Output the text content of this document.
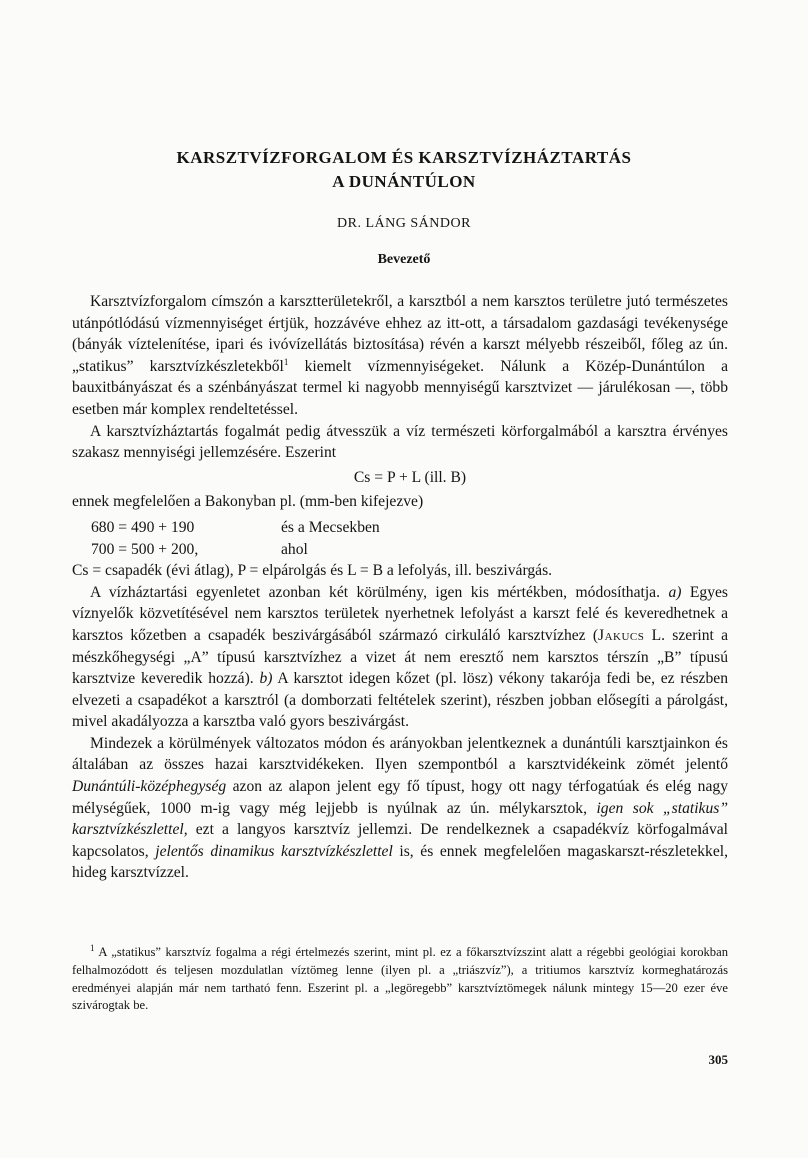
KARSZTVÍZFORGALOM ÉS KARSZTVÍZHÁZTARTÁS
A DUNÁNTÚLON
DR. LÁNG SÁNDOR
Bevezető

Karsztvízforgalom címszón a karsztterületekről, a karsztból a nem karsztos területre jutó természetes utánpótlódású vízmennyiséget értjük, hozzávéve ehhez az itt-ott, a társadalom gazdasági tevékenysége (bányák víztelenítése, ipari és ivóvízellátás biztosítása) révén a karszt mélyebb részeiből, főleg az ún. „statikus” karsztvízkészletekből$^1$ kiemelt vízmennyiségeket. Nálunk a Közép-Dunántúlon a bauxitbányászat és a szénbányászat termel ki nagyobb mennyiségű karsztvizet — járulékosan —, több esetben már komplex rendeltetéssel.

A karsztvízháztartás fogalmát pedig átvesszük a víz természeti körforgalmából a karsztra érvényes szakasz mennyiségi jellemzésére. Eszerint

Cs = P + L (ill. B)

ennek megfelelően a Bakonyban pl. (mm-ben kifejezve)

680 = 490 + 190	és a Mecsekben
700 = 500 + 200,	ahol

Cs = csapadék (évi átlag), P = elpárolgás és L = B a lefolyás, ill. beszivárgás.

A vízháztartási egyenletet azonban két körülmény, igen kis mértékben, módosíthatja. a) Egyes víznyelők közvetítésével nem karsztos területek nyerhetnek lefolyást a karszt felé és keveredhetnek a karsztos kőzetben a csapadék beszivárgásából származó cirkuláló karsztvízhez (Jakucs L. szerint a mészkőhegységi „A” típusú karsztvízhez a vizet át nem eresztő nem karsztos térszín „B” típusú karsztvize keveredik hozzá). b) A karsztot idegen kőzet (pl. lösz) vékony takarója fedi be, ez részben elvezeti a csapadékot a karsztról (a domborzati feltételek szerint), részben jobban elősegíti a párolgást, mivel akadályozza a karsztba való gyors beszivárgást.

Mindezek a körülmények változatos módon és arányokban jelentkeznek a dunántúli karsztjainkon és általában az összes hazai karsztvidékeken. Ilyen szempontból a karsztvidékeink zömét jelentő Dunántúli-középhegység azon az alapon jelent egy fő típust, hogy ott nagy térfogatúak és elég nagy mélységűek, 1000 m-ig vagy még lejjebb is nyúlnak az ún. mélykarsztok, igen sok „statikus” karsztvízkészlettel, ezt a langyos karsztvíz jellemzi. De rendelkeznek a csapadékvíz körfogalmával kapcsolatos, jelentős dinamikus karsztvízkészlettel is, és ennek megfelelően magaskarszt-részletekkel, hideg karsztvízzel.

$^1$ A „statikus” karsztvíz fogalma a régi értelmezés szerint, mint pl. ez a főkarsztvízszint alatt a régebbi geológiai korokban felhalmozódott és teljesen mozdulatlan víztömeg lenne (ilyen pl. a „triászvíz”), a tritiumos karsztvíz kormeghatározás eredményei alapján már nem tartható fenn. Eszerint pl. a „legöregebb” karsztvíztömegek nálunk mintegy 15—20 ezer éve szivárogtak be.
305
